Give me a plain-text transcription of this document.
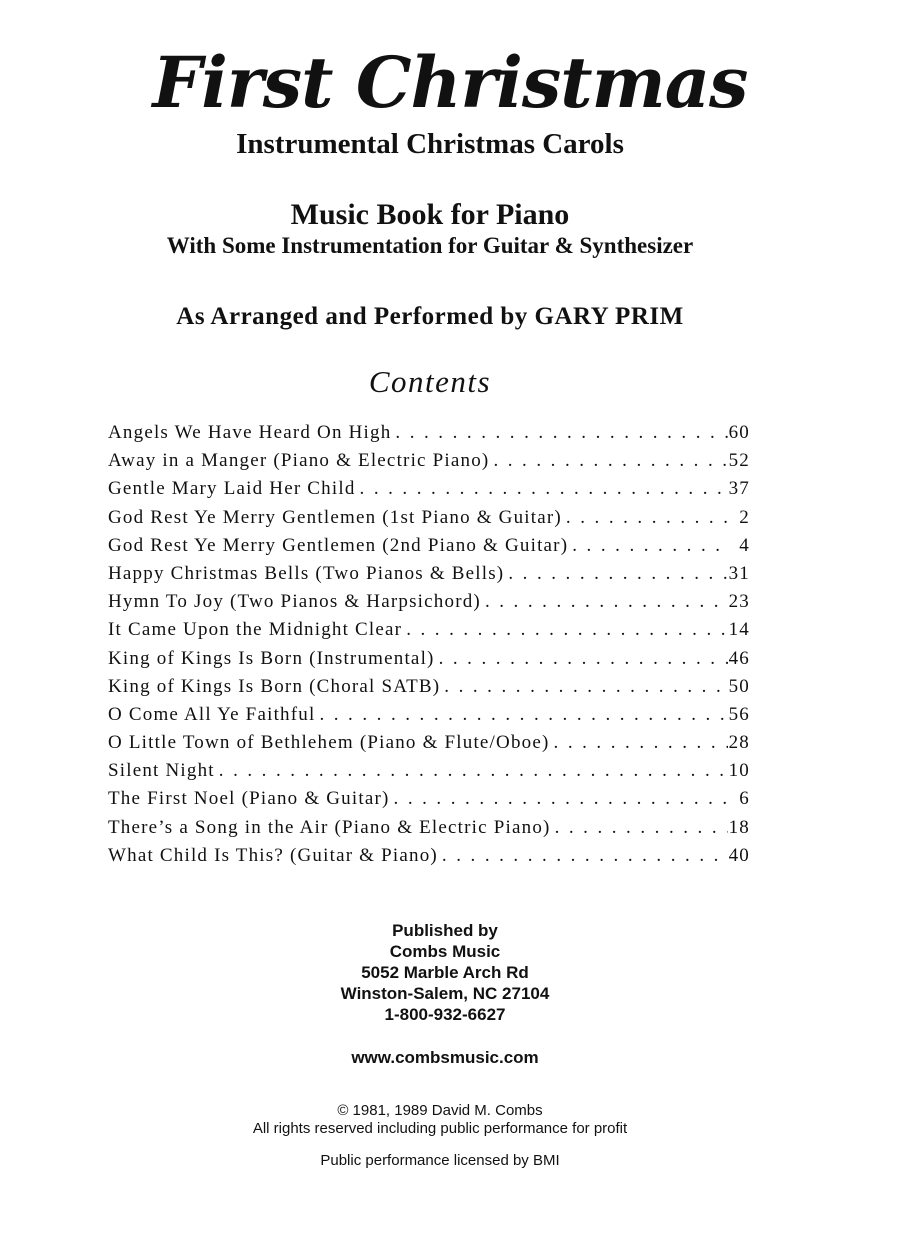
First Christmas
Instrumental Christmas Carols
Music Book for Piano
With Some Instrumentation for Guitar & Synthesizer
As Arranged and Performed by GARY PRIM
Contents
Angels We Have Heard On High . . .	60
Away in a Manger (Piano & Electric Piano) . . .	52
Gentle Mary Laid Her Child . . .	37
God Rest Ye Merry Gentlemen (1st Piano & Guitar) . . .	2
God Rest Ye Merry Gentlemen (2nd Piano & Guitar) . . .	4
Happy Christmas Bells (Two Pianos & Bells) . . .	31
Hymn To Joy (Two Pianos & Harpsichord) . . .	23
It Came Upon the Midnight Clear . . .	14
King of Kings Is Born (Instrumental) . . .	46
King of Kings Is Born (Choral SATB) . . .	50
O Come All Ye Faithful . . .	56
O Little Town of Bethlehem (Piano & Flute/Oboe) . . .	28
Silent Night . . .	10
The First Noel (Piano & Guitar) . . .	6
There’s a Song in the Air (Piano & Electric Piano) . . .	18
What Child Is This? (Guitar & Piano) . . .	40
Published by
Combs Music
5052 Marble Arch Rd
Winston-Salem, NC 27104
1-800-932-6627
www.combsmusic.com
© 1981, 1989 David M. Combs
All rights reserved including public performance for profit
Public performance licensed by BMI
